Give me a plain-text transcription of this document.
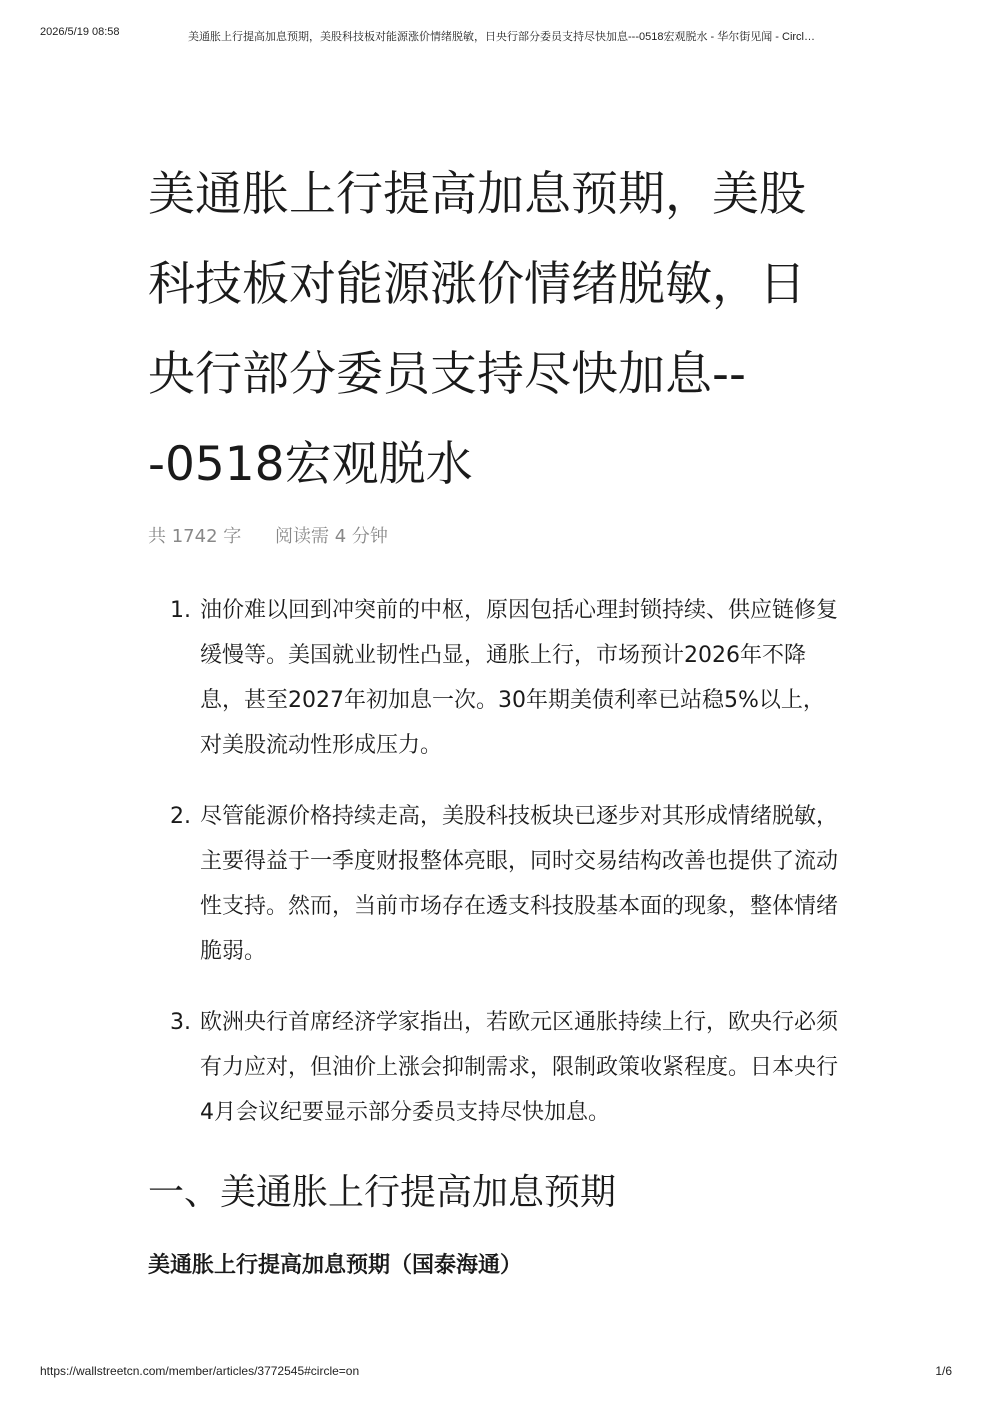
2026/5/19 08:58	美通胀上行提高加息预期，美股科技板对能源涨价情绪脱敏，日央行部分委员支持尽快加息---0518宏观脱水 - 华尔街见闻 - Circl…
美通胀上行提高加息预期，美股科技板对能源涨价情绪脱敏，日央行部分委员支持尽快加息---0518宏观脱水
共 1742 字 阅读需 4 分钟
1. 油价难以回到冲突前的中枢，原因包括心理封锁持续、供应链修复缓慢等。美国就业韧性凸显，通胀上行，市场预计2026年不降息，甚至2027年初加息一次。30年期美债利率已站稳5%以上，对美股流动性形成压力。
2. 尽管能源价格持续走高，美股科技板块已逐步对其形成情绪脱敏，主要得益于一季度财报整体亮眼，同时交易结构改善也提供了流动性支持。然而，当前市场存在透支科技股基本面的现象，整体情绪脆弱。
3. 欧洲央行首席经济学家指出，若欧元区通胀持续上行，欧央行必须有力应对，但油价上涨会抑制需求，限制政策收紧程度。日本央行4月会议纪要显示部分委员支持尽快加息。
一、美通胀上行提高加息预期
美通胀上行提高加息预期（国泰海通）
https://wallstreetcn.com/member/articles/3772545#circle=on	1/6
